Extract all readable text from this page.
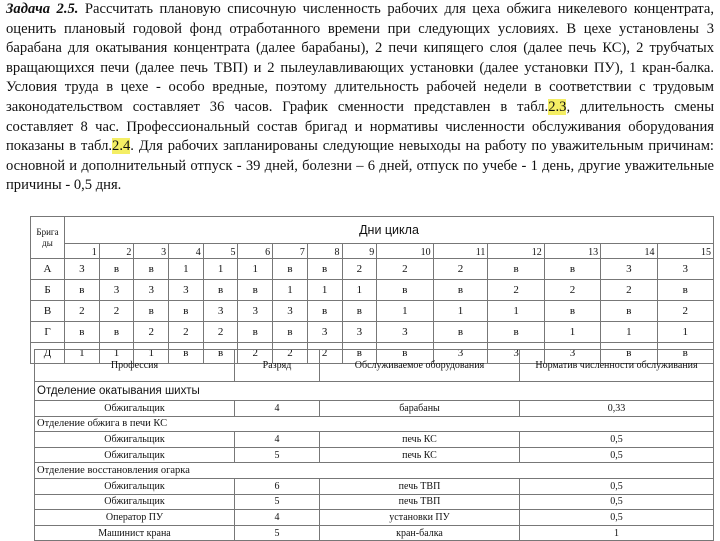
Задача 2.5. Рассчитать плановую списочную численность рабочих для цеха обжига никелевого концентрата, оценить плановый годовой фонд отработанного времени при следующих условиях. В цехе установлены 3 барабана для окатывания концентрата (далее барабаны), 2 печи кипящего слоя (далее печь КС), 2 трубчатых вращающихся печи (далее печь ТВП) и 2 пылеулавливающих установки (далее установки ПУ), 1 кран-балка. Условия труда в цехе - особо вредные, поэтому длительность рабочей недели в соответствии с трудовым законодательством составляет 36 часов. График сменности представлен в табл.2.3, длительность смены составляет 8 час. Профессиональный состав бригад и нормативы численности обслуживания оборудования показаны в табл.2.4. Для рабочих запланированы следующие невыходы на работу по уважительным причинам: основной и дополнительный отпуск - 39 дней, болезни – 6 дней, отпуск по учебе - 1 день, другие уважительные причины - 0,5 дня.
Брига ды	Дни цикла														
	1	2	3	4	5	6	7	8	9	10	11	12	13	14	15
А	3	в	в	1	1	1	в	в	2	2	2	в	в	3	3
Б	в	3	3	3	в	в	1	1	1	в	в	2	2	2	в
В	2	2	в	в	3	3	3	в	в	1	1	1	в	в	2
Г	в	в	2	2	2	в	в	3	3	3	в	в	1	1	1
Д	1	1	1	в	в	2	2	2	в	в	3	3	3	в	в
Профессия	Разряд	Обслуживаемое оборудования	Норматив численности обслуживания
Отделение окатывания шихты			
Обжигальщик	4	барабаны	0,33
Отделение обжига в печи КС			
Обжигальщик	4	печь КС	0,5
Обжигальщик	5	печь КС	0,5
Отделение восстановления огарка			
Обжигальщик	6	печь ТВП	0,5
Обжигальщик	5	печь ТВП	0,5
Оператор ПУ	4	установки ПУ	0,5
Машинист крана	5	кран-балка	1
